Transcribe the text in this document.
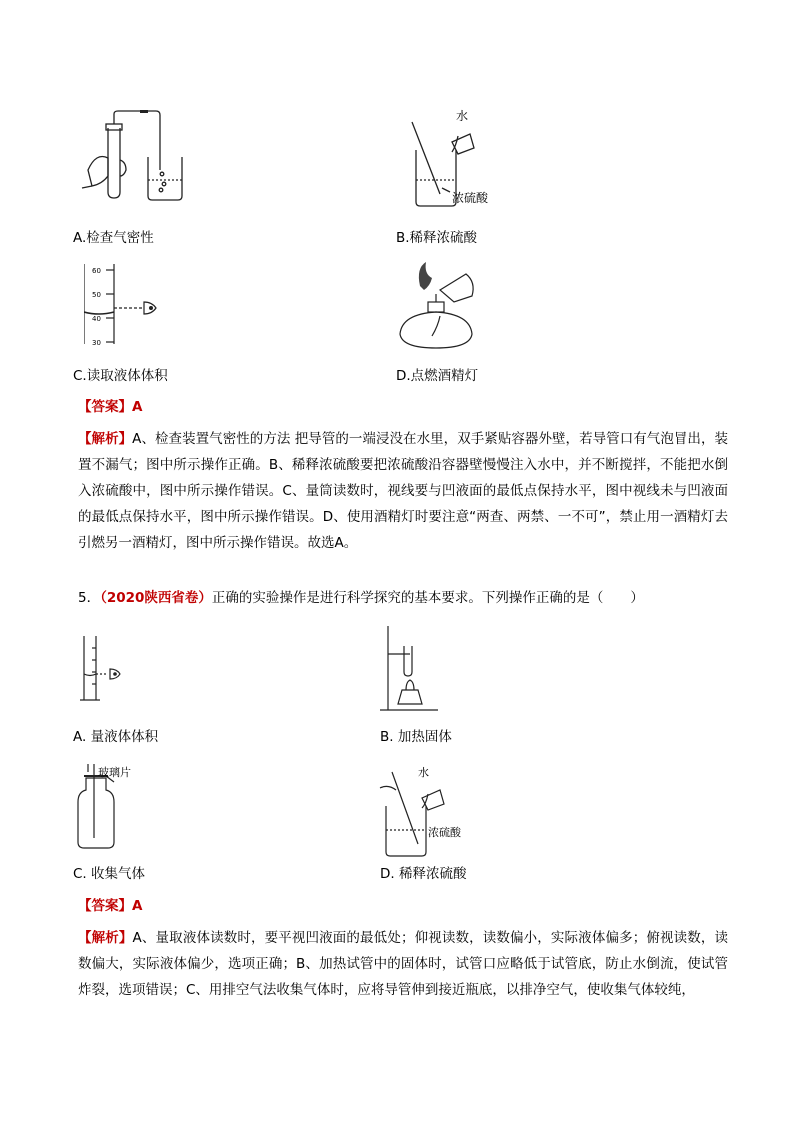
水
浓硫酸
A.检查气密性	B.稀释浓硫酸
60
50
40
30
C.读取液体体积	D.点燃酒精灯
【答案】A
【解析】A、检查装置气密性的方法 把导管的一端浸没在水里，双手紧贴容器外壁，若导管口有气泡冒出，装置不漏气；图中所示操作正确。B、稀释浓硫酸要把浓硫酸沿容器壁慢慢注入水中，并不断搅拌，不能把水倒入浓硫酸中，图中所示操作错误。C、量筒读数时，视线要与凹液面的最低点保持水平，图中视线未与凹液面的最低点保持水平，图中所示操作错误。D、使用酒精灯时要注意“两查、两禁、一不可”，禁止用一酒精灯去引燃另一酒精灯，图中所示操作错误。故选A。
5．（2020陕西省卷）正确的实验操作是进行科学探究的基本要求。下列操作正确的是（　　）
A. 量液体体积	B. 加热固体
玻璃片	水
浓硫酸
C. 收集气体	D. 稀释浓硫酸
【答案】A
【解析】A、量取液体读数时，要平视凹液面的最低处；仰视读数，读数偏小，实际液体偏多；俯视读数，读数偏大，实际液体偏少，选项正确；B、加热试管中的固体时，试管口应略低于试管底，防止水倒流，使试管炸裂，选项错误；C、用排空气法收集气体时，应将导管伸到接近瓶底，以排净空气，使收集气体较纯，
